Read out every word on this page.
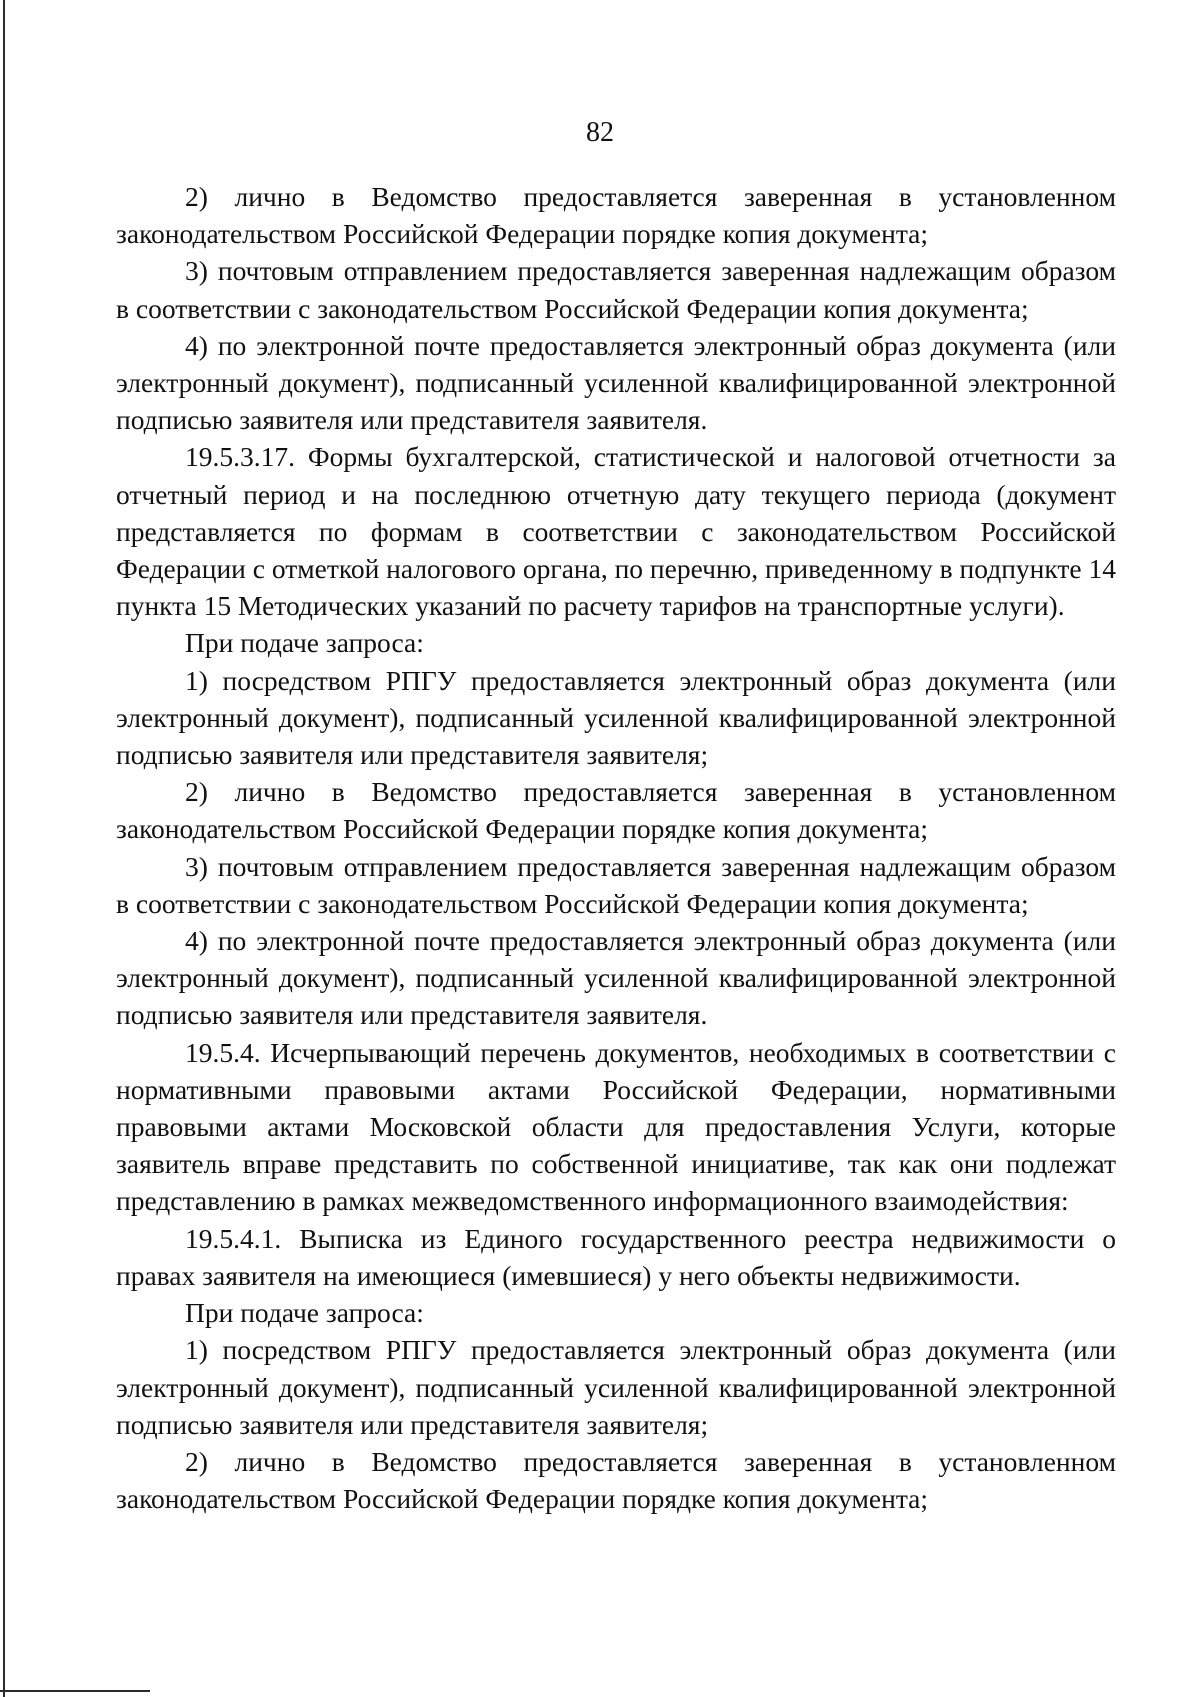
82

2) лично в Ведомство предоставляется заверенная в установленном законодательством Российской Федерации порядке копия документа;

3) почтовым отправлением предоставляется заверенная надлежащим образом в соответствии с законодательством Российской Федерации копия документа;

4) по электронной почте предоставляется электронный образ документа (или электронный документ), подписанный усиленной квалифицированной электронной подписью заявителя или представителя заявителя.

19.5.3.17. Формы бухгалтерской, статистической и налоговой отчетности за отчетный период и на последнюю отчетную дату текущего периода (документ представляется по формам в соответствии с законодательством Российской Федерации с отметкой налогового органа, по перечню, приведенному в подпункте 14 пункта 15 Методических указаний по расчету тарифов на транспортные услуги).

При подаче запроса:

1) посредством РПГУ предоставляется электронный образ документа (или электронный документ), подписанный усиленной квалифицированной электронной подписью заявителя или представителя заявителя;

2) лично в Ведомство предоставляется заверенная в установленном законодательством Российской Федерации порядке копия документа;

3) почтовым отправлением предоставляется заверенная надлежащим образом в соответствии с законодательством Российской Федерации копия документа;

4) по электронной почте предоставляется электронный образ документа (или электронный документ), подписанный усиленной квалифицированной электронной подписью заявителя или представителя заявителя.

19.5.4. Исчерпывающий перечень документов, необходимых в соответствии с нормативными правовыми актами Российской Федерации, нормативными правовыми актами Московской области для предоставления Услуги, которые заявитель вправе представить по собственной инициативе, так как они подлежат представлению в рамках межведомственного информационного взаимодействия:

19.5.4.1. Выписка из Единого государственного реестра недвижимости о правах заявителя на имеющиеся (имевшиеся) у него объекты недвижимости.

При подаче запроса:

1) посредством РПГУ предоставляется электронный образ документа (или электронный документ), подписанный усиленной квалифицированной электронной подписью заявителя или представителя заявителя;

2) лично в Ведомство предоставляется заверенная в установленном законодательством Российской Федерации порядке копия документа;
